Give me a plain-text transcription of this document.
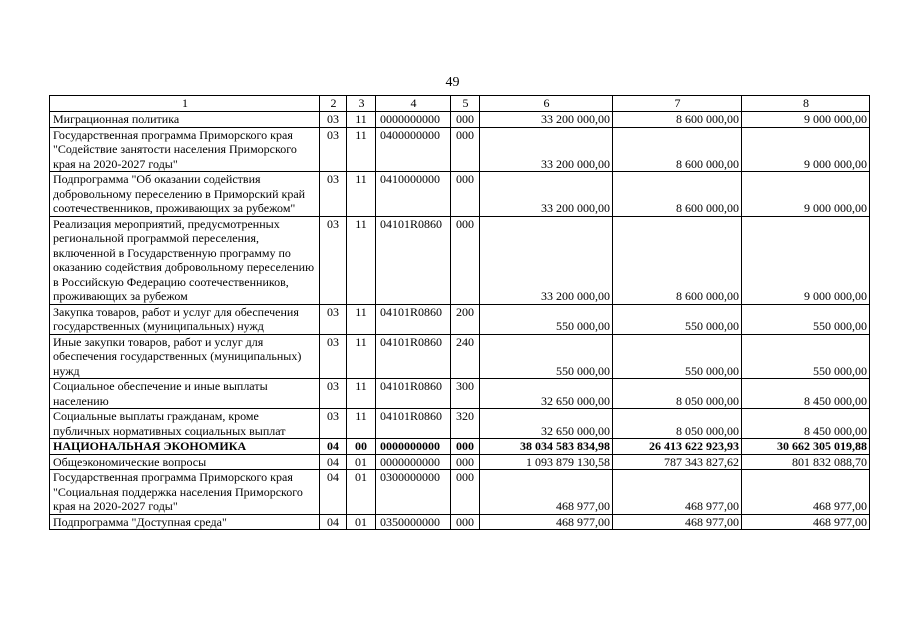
49
1	2	3	4	5	6	7	8
Миграционная политика	03	11	0000000000	000	33 200 000,00	8 600 000,00	9 000 000,00
Государственная программа Приморского края "Содействие занятости населения Приморского края на 2020-2027 годы"	03	11	0400000000	000	33 200 000,00	8 600 000,00	9 000 000,00
Подпрограмма "Об оказании содействия добровольному переселению в Приморский край соотечественников, проживающих за рубежом"	03	11	0410000000	000	33 200 000,00	8 600 000,00	9 000 000,00
Реализация мероприятий, предусмотренных региональной программой переселения, включенной в Государственную программу по оказанию содействия добровольному переселению в Российскую Федерацию соотечественников, проживающих за рубежом	03	11	04101R0860	000	33 200 000,00	8 600 000,00	9 000 000,00
Закупка товаров, работ и услуг для обеспечения государственных (муниципальных) нужд	03	11	04101R0860	200	550 000,00	550 000,00	550 000,00
Иные закупки товаров, работ и услуг для обеспечения государственных (муниципальных) нужд	03	11	04101R0860	240	550 000,00	550 000,00	550 000,00
Социальное обеспечение и иные выплаты населению	03	11	04101R0860	300	32 650 000,00	8 050 000,00	8 450 000,00
Социальные выплаты гражданам, кроме публичных нормативных социальных выплат	03	11	04101R0860	320	32 650 000,00	8 050 000,00	8 450 000,00
НАЦИОНАЛЬНАЯ ЭКОНОМИКА	04	00	0000000000	000	38 034 583 834,98	26 413 622 923,93	30 662 305 019,88
Общеэкономические вопросы	04	01	0000000000	000	1 093 879 130,58	787 343 827,62	801 832 088,70
Государственная программа Приморского края "Социальная поддержка населения Приморского края на 2020-2027 годы"	04	01	0300000000	000	468 977,00	468 977,00	468 977,00
Подпрограмма "Доступная среда"	04	01	0350000000	000	468 977,00	468 977,00	468 977,00
